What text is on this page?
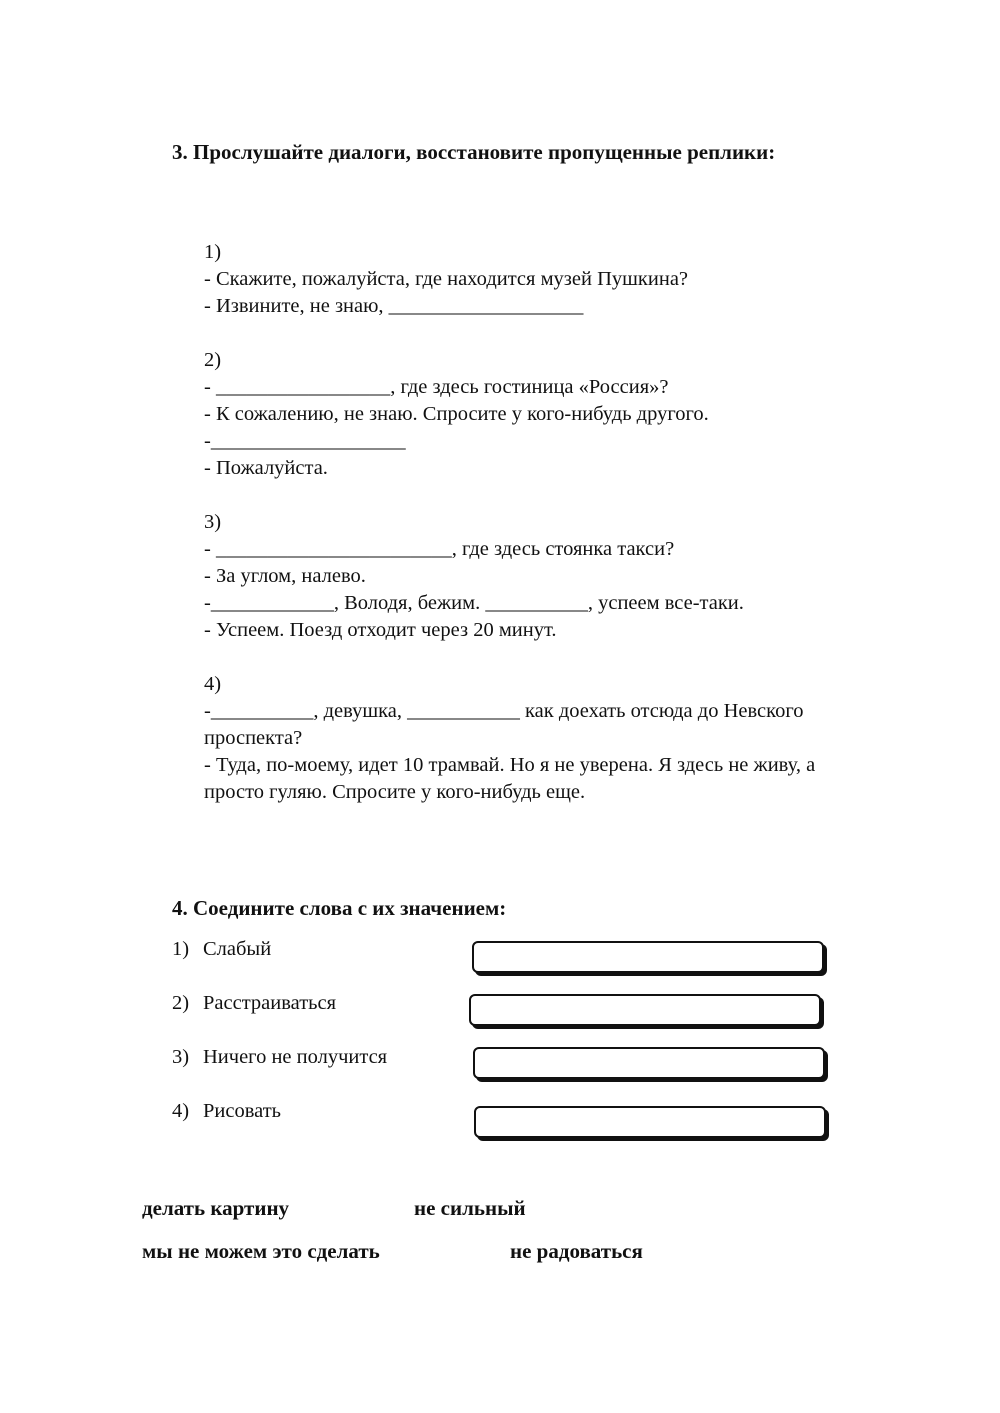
3. Прослушайте диалоги, восстановите пропущенные реплики:
1)
- Скажите, пожалуйста, где находится музей Пушкина?
- Извините, не знаю, ___________________
2)
- _________________, где здесь гостиница «Россия»?
- К сожалению, не знаю. Спросите у кого-нибудь другого.
-___________________
- Пожалуйста.
3)
- _______________________, где здесь стоянка такси?
- За углом, налево.
-____________, Володя, бежим. __________, успеем все-таки.
- Успеем. Поезд отходит через 20 минут.
4)
-__________, девушка, ___________ как доехать отсюда до Невского
проспекта?
- Туда, по-моему, идет 10 трамвай. Но я не уверена. Я здесь не живу, а
просто гуляю. Спросите у кого-нибудь еще.
4. Соедините слова с их значением:
1) Слабый
2) Расстраиваться
3) Ничего не получится
4) Рисовать
делать картину	не сильный
мы не можем это сделать	не радоваться
